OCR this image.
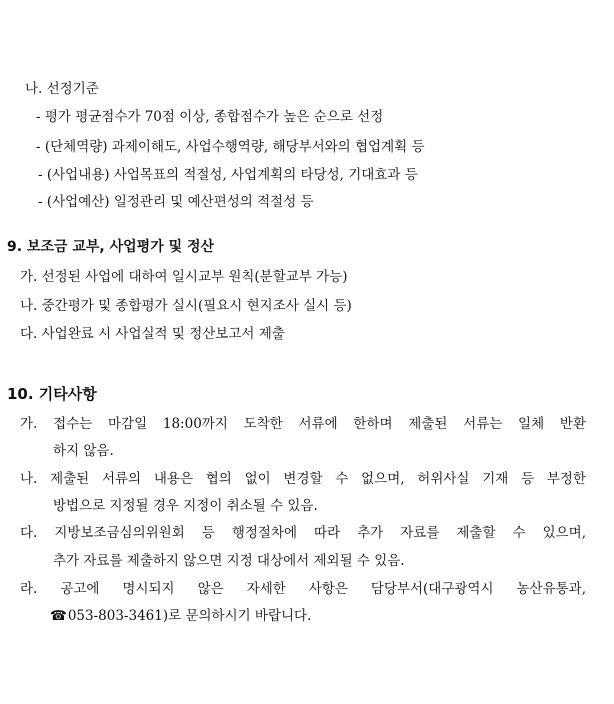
나. 선정기준
- 평가 평균점수가 70점 이상, 종합점수가 높은 순으로 선정
- (단체역량) 과제이해도, 사업수행역량, 해당부서와의 협업계획 등
- (사업내용) 사업목표의 적절성, 사업계획의 타당성, 기대효과 등
- (사업예산) 일정관리 및 예산편성의 적절성 등
9. 보조금 교부, 사업평가 및 정산
가. 선정된 사업에 대하여 일시교부 원칙(분할교부 가능)
나. 중간평가 및 종합평가 실시(필요시 현지조사 실시 등)
다. 사업완료 시 사업실적 및 정산보고서 제출
10. 기타사항
가. 접수는 마감일 18:00까지 도착한 서류에 한하며 제출된 서류는 일체 반환
하지 않음.
나. 제출된 서류의 내용은 협의 없이 변경할 수 없으며, 허위사실 기재 등 부정한
방법으로 지정될 경우 지정이 취소될 수 있음.
다. 지방보조금심의위원회 등 행정절차에 따라 추가 자료를 제출할 수 있으며,
추가 자료를 제출하지 않으면 지정 대상에서 제외될 수 있음.
라. 공고에 명시되지 않은 자세한 사항은 담당부서(대구광역시 농산유통과,
☎053-803-3461)로 문의하시기 바랍니다.
